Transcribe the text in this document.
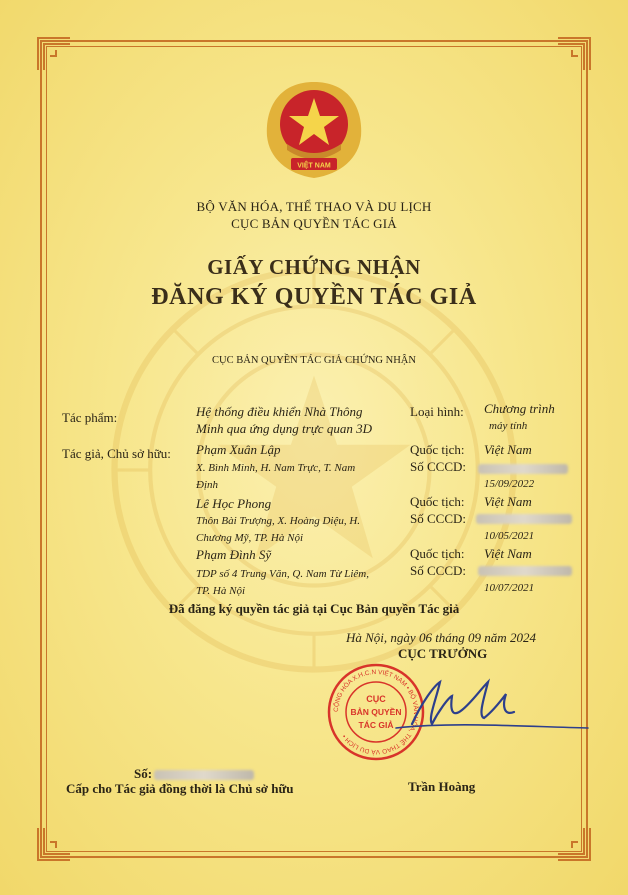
VIỆT NAM
BỘ VĂN HÓA, THỂ THAO VÀ DU LỊCH
CỤC BẢN QUYỀN TÁC GIẢ
GIẤY CHỨNG NHẬN
ĐĂNG KÝ QUYỀN TÁC GIẢ
CỤC BẢN QUYỀN TÁC GIẢ CHỨNG NHẬN
Tác phẩm:	Hệ thống điều khiển Nhà Thông
Minh qua ứng dụng trực quan 3D
Loại hình: Chương trình
máy tính
Tác giả, Chủ sở hữu: Phạm Xuân Lập
X. Bình Minh, H. Nam Trực, T. Nam
Định
Quốc tịch: Việt Nam
Số CCCD:
15/09/2022
Lê Học Phong
Thôn Bài Trượng, X. Hoàng Diệu, H.
Chương Mỹ, TP. Hà Nội
Quốc tịch: Việt Nam
Số CCCD:
10/05/2021
Phạm Đình Sỹ
TDP số 4 Trung Văn, Q. Nam Từ Liêm,
TP. Hà Nội
Quốc tịch: Việt Nam
Số CCCD:
10/07/2021
Đã đăng ký quyền tác giả tại Cục Bản quyền Tác giả
Hà Nội, ngày 06 tháng 09 năm 2024
CỤC TRƯỞNG
CỘNG HÒA X.H.C.N VIỆT NAM • BỘ VĂN HÓA, THỂ THAO VÀ DU LỊCH •
CỤC
BẢN QUYỀN
TÁC GIẢ
Số:
Cấp cho Tác giả đồng thời là Chủ sở hữu	Trần Hoàng
